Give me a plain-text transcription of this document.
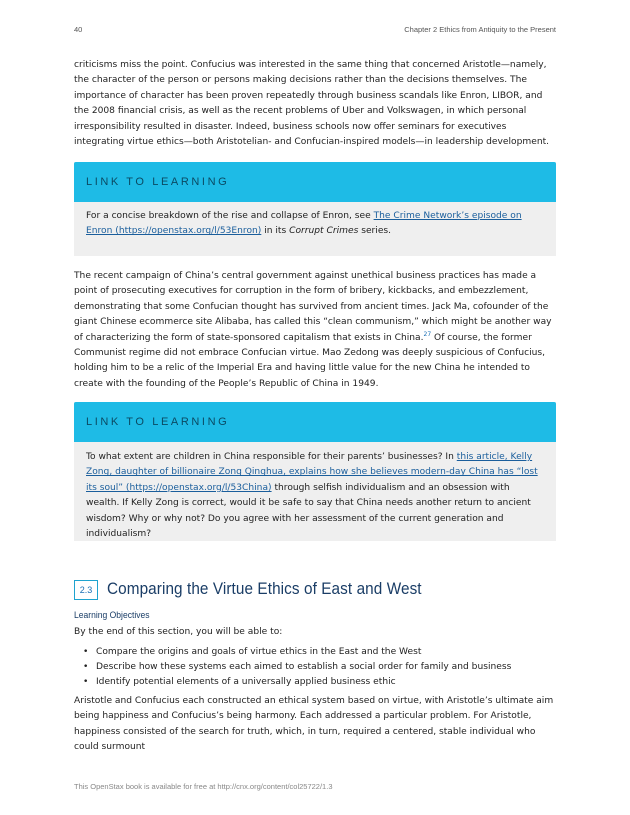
40	Chapter 2 Ethics from Antiquity to the Present

criticisms miss the point. Confucius was interested in the same thing that concerned Aristotle—namely, the character of the person or persons making decisions rather than the decisions themselves. The importance of character has been proven repeatedly through business scandals like Enron, LIBOR, and the 2008 financial crisis, as well as the recent problems of Uber and Volkswagen, in which personal irresponsibility resulted in disaster. Indeed, business schools now offer seminars for executives integrating virtue ethics—both Aristotelian- and Confucian-inspired models—in leadership development.

LINK TO LEARNING
For a concise breakdown of the rise and collapse of Enron, see The Crime Network’s episode on Enron (https://openstax.org/l/53Enron) in its Corrupt Crimes series.

The recent campaign of China’s central government against unethical business practices has made a point of prosecuting executives for corruption in the form of bribery, kickbacks, and embezzlement, demonstrating that some Confucian thought has survived from ancient times. Jack Ma, cofounder of the giant Chinese ecommerce site Alibaba, has called this “clean communism,” which might be another way of characterizing the form of state-sponsored capitalism that exists in China.$^{27}$ Of course, the former Communist regime did not embrace Confucian virtue. Mao Zedong was deeply suspicious of Confucius, holding him to be a relic of the Imperial Era and having little value for the new China he intended to create with the founding of the People’s Republic of China in 1949.

LINK TO LEARNING
To what extent are children in China responsible for their parents’ businesses? In this article, Kelly Zong, daughter of billionaire Zong Qinghua, explains how she believes modern-day China has “lost its soul” (https://openstax.org/l/53China) through selfish individualism and an obsession with wealth. If Kelly Zong is correct, would it be safe to say that China needs another return to ancient wisdom? Why or why not? Do you agree with her assessment of the current generation and individualism?
2.3 Comparing the Virtue Ethics of East and West
Learning Objectives

By the end of this section, you will be able to:

• Compare the origins and goals of virtue ethics in the East and the West
• Describe how these systems each aimed to establish a social order for family and business
• Identify potential elements of a universally applied business ethic

Aristotle and Confucius each constructed an ethical system based on virtue, with Aristotle’s ultimate aim being happiness and Confucius’s being harmony. Each addressed a particular problem. For Aristotle, happiness consisted of the search for truth, which, in turn, required a centered, stable individual who could surmount

This OpenStax book is available for free at http://cnx.org/content/col25722/1.3
